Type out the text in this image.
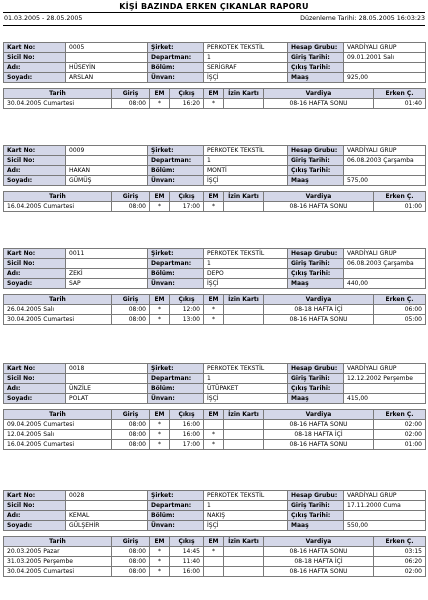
KİŞİ BAZINDA ERKEN ÇIKANLAR RAPORU
01.03.2005 - 28.05.2005	Düzenleme Tarihi: 28.05.2005 16:03:23
Kart No:	0005	Şirket:	PERKOTEK TEKSTİL	Hesap Grubu:	VARDİYALI GRUP
Sicil No:		Departman:	1	Giriş Tarihi:	09.01.2001 Salı
Adı:	HÜSEYİN	Bölüm:	SERİGRAF	Çıkış Tarihi:	
Soyadı:	ARSLAN	Ünvan:	İŞÇİ	Maaş	925,00
Tarih	Giriş	EM	Çıkış	EM	İzin Kartı	Vardiya	Erken Ç.
30.04.2005 Cumartesi	08:00	*	16:20	*		08-16 HAFTA SONU	01:40
Kart No:	0009	Şirket:	PERKOTEK TEKSTİL	Hesap Grubu:	VARDİYALI GRUP
Sicil No:		Departman:	1	Giriş Tarihi:	06.08.2003 Çarşamba
Adı:	HAKAN	Bölüm:	MONTİ	Çıkış Tarihi:	
Soyadı:	GÜMÜŞ	Ünvan:	İŞÇİ	Maaş	575,00
Tarih	Giriş	EM	Çıkış	EM	İzin Kartı	Vardiya	Erken Ç.
16.04.2005 Cumartesi	08:00	*	17:00	*		08-16 HAFTA SONU	01:00
Kart No:	0011	Şirket:	PERKOTEK TEKSTİL	Hesap Grubu:	VARDİYALI GRUP
Sicil No:		Departman:	1	Giriş Tarihi:	06.08.2003 Çarşamba
Adı:	ZEKİ	Bölüm:	DEPO	Çıkış Tarihi:	
Soyadı:	SAP	Ünvan:	İŞÇİ	Maaş	440,00
Tarih	Giriş	EM	Çıkış	EM	İzin Kartı	Vardiya	Erken Ç.
26.04.2005 Salı	08:00	*	12:00	*		08-18 HAFTA İÇİ	06:00
30.04.2005 Cumartesi	08:00	*	13:00	*		08-16 HAFTA SONU	05:00
Kart No:	0018	Şirket:	PERKOTEK TEKSTİL	Hesap Grubu:	VARDİYALI GRUP
Sicil No:		Departman:	1	Giriş Tarihi:	12.12.2002 Perşembe
Adı:	ÜNZİLE	Bölüm:	ÜTÜPAKET	Çıkış Tarihi:	
Soyadı:	POLAT	Ünvan:	İŞÇİ	Maaş	415,00
Tarih	Giriş	EM	Çıkış	EM	İzin Kartı	Vardiya	Erken Ç.
09.04.2005 Cumartesi	08:00	*	16:00			08-16 HAFTA SONU	02:00
12.04.2005 Salı	08:00	*	16:00	*		08-18 HAFTA İÇİ	02:00
16.04.2005 Cumartesi	08:00	*	17:00	*		08-16 HAFTA SONU	01:00
Kart No:	0028	Şirket:	PERKOTEK TEKSTİL	Hesap Grubu:	VARDİYALI GRUP
Sicil No:		Departman:	1	Giriş Tarihi:	17.11.2000 Cuma
Adı:	KEMAL	Bölüm:	NAKIŞ	Çıkış Tarihi:	
Soyadı:	GÜLŞEHİR	Ünvan:	İŞÇİ	Maaş	550,00
Tarih	Giriş	EM	Çıkış	EM	İzin Kartı	Vardiya	Erken Ç.
20.03.2005 Pazar	08:00	*	14:45	*		08-16 HAFTA SONU	03:15
31.03.2005 Perşembe	08:00	*	11:40			08-18 HAFTA İÇİ	06:20
30.04.2005 Cumartesi	08:00	*	16:00			08-16 HAFTA SONU	02:00
